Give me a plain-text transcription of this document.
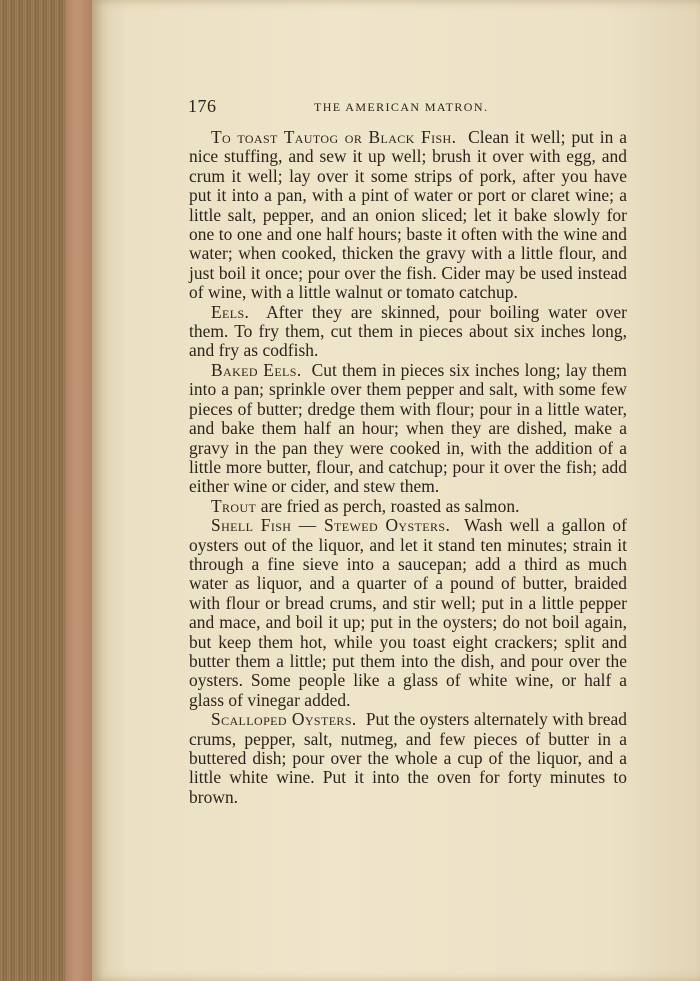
176	THE AMERICAN MATRON.

To toast Tautog or Black Fish. Clean it well; put in a nice stuffing, and sew it up well; brush it over with egg, and crum it well; lay over it some strips of pork, after you have put it into a pan, with a pint of water or port or claret wine; a little salt, pepper, and an onion sliced; let it bake slowly for one to one and one half hours; baste it often with the wine and water; when cooked, thicken the gravy with a little flour, and just boil it once; pour over the fish. Cider may be used instead of wine, with a little walnut or tomato catchup.

Eels. After they are skinned, pour boiling water over them. To fry them, cut them in pieces about six inches long, and fry as codfish.

Baked Eels. Cut them in pieces six inches long; lay them into a pan; sprinkle over them pepper and salt, with some few pieces of butter; dredge them with flour; pour in a little water, and bake them half an hour; when they are dished, make a gravy in the pan they were cooked in, with the addition of a little more butter, flour, and catchup; pour it over the fish; add either wine or cider, and stew them.

Trout are fried as perch, roasted as salmon.

Shell Fish — Stewed Oysters. Wash well a gallon of oysters out of the liquor, and let it stand ten minutes; strain it through a fine sieve into a saucepan; add a third as much water as liquor, and a quarter of a pound of butter, braided with flour or bread crums, and stir well; put in a little pepper and mace, and boil it up; put in the oysters; do not boil again, but keep them hot, while you toast eight crackers; split and butter them a little; put them into the dish, and pour over the oysters. Some people like a glass of white wine, or half a glass of vinegar added.

Scalloped Oysters. Put the oysters alternately with bread crums, pepper, salt, nutmeg, and few pieces of butter in a buttered dish; pour over the whole a cup of the liquor, and a little white wine. Put it into the oven for forty minutes to brown.
